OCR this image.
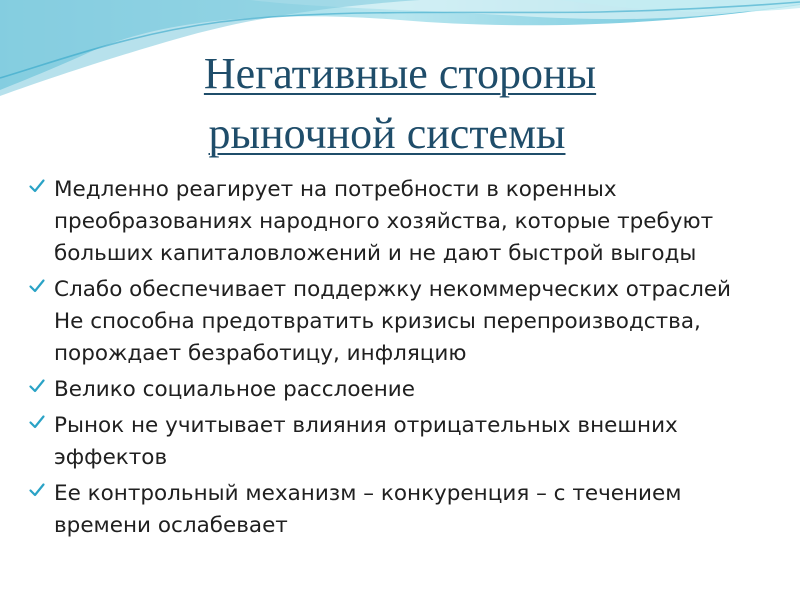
Негативные стороны
рыночной системы
Медленно реагирует на потребности в коренных преобразованиях народного хозяйства, которые требуют больших капиталовложений и не дают быстрой выгоды
Слабо обеспечивает поддержку некоммерческих отраслей Не способна предотвратить кризисы перепроизводства, порождает безработицу, инфляцию
Велико социальное расслоение
Рынок не учитывает влияния отрицательных внешних эффектов
Ее контрольный механизм – конкуренция – с течением времени ослабевает
